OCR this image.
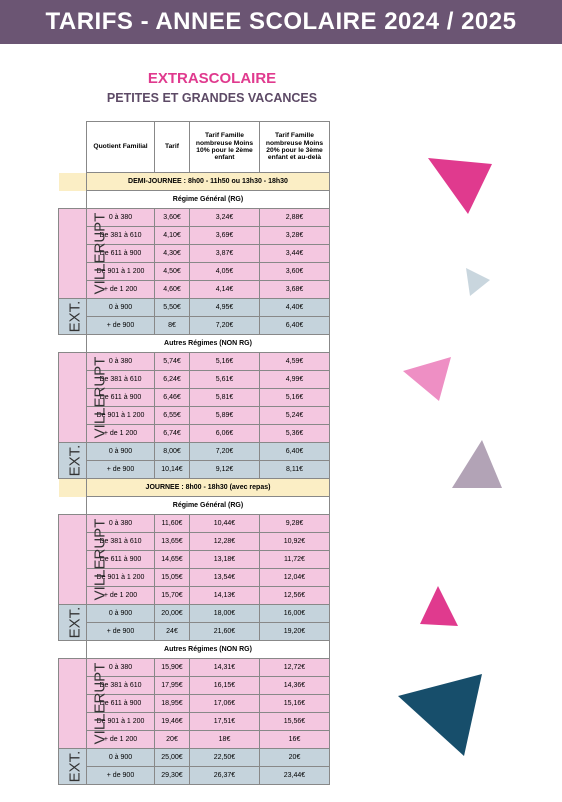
TARIFS - ANNEE SCOLAIRE 2024 / 2025
EXTRASCOLAIRE
PETITES ET GRANDES VACANCES
	Quotient Familial	Tarif	Tarif Famille nombreuse Moins 10% pour le 2ème enfant	Tarif Famille nombreuse Moins 20% pour le 3ème enfant et au-delà
	DEMI-JOURNEE : 8h00 - 11h50 ou 13h30 - 18h30			
	Régime Général (RG)			
VILLERUPT	0 à 380	3,60€	3,24€	2,88€
	De 381 à 610	4,10€	3,69€	3,28€
	De 611 à 900	4,30€	3,87€	3,44€
	De 901 à 1 200	4,50€	4,05€	3,60€
	+ de 1 200	4,60€	4,14€	3,68€
EXT.	0 à 900	5,50€	4,95€	4,40€
	+ de 900	8€	7,20€	6,40€
	Autres Régimes (NON RG)			
VILLERUPT	0 à 380	5,74€	5,16€	4,59€
	De 381 à 610	6,24€	5,61€	4,99€
	De 611 à 900	6,46€	5,81€	5,16€
	De 901 à 1 200	6,55€	5,89€	5,24€
	+ de 1 200	6,74€	6,06€	5,36€
EXT.	0 à 900	8,00€	7,20€	6,40€
	+ de 900	10,14€	9,12€	8,11€
	JOURNEE : 8h00 - 18h30 (avec repas)			
	Régime Général (RG)			
VILLERUPT	0 à 380	11,60€	10,44€	9,28€
	De 381 à 610	13,65€	12,28€	10,92€
	De 611 à 900	14,65€	13,18€	11,72€
	De 901 à 1 200	15,05€	13,54€	12,04€
	+ de 1 200	15,70€	14,13€	12,56€
EXT.	0 à 900	20,00€	18,00€	16,00€
	+ de 900	24€	21,60€	19,20€
	Autres Régimes (NON RG)			
VILLERUPT	0 à 380	15,90€	14,31€	12,72€
	De 381 à 610	17,95€	16,15€	14,36€
	De 611 à 900	18,95€	17,06€	15,16€
	De 901 à 1 200	19,46€	17,51€	15,56€
	+ de 1 200	20€	18€	16€
EXT.	0 à 900	25,00€	22,50€	20€
	+ de 900	29,30€	26,37€	23,44€
